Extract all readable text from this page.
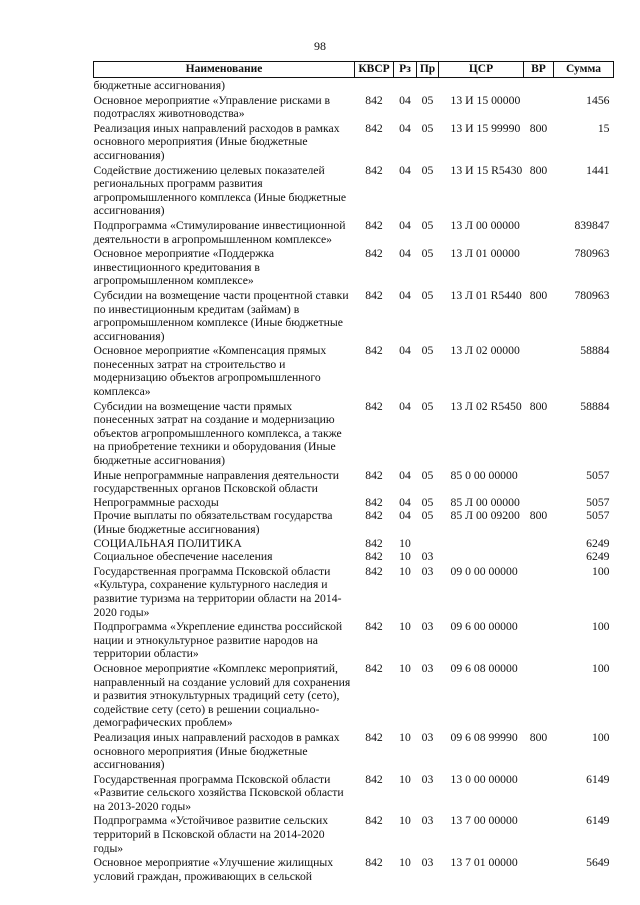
98
Наименование	КВСР	Рз	Пр	ЦСР	ВР	Сумма
бюджетные ассигнования)						
Основное мероприятие «Управление рисками в подотраслях животноводства»	842	04	05	13 И 15 00000		1456
Реализация иных направлений расходов в рамках основного мероприятия (Иные бюджетные ассигнования)	842	04	05	13 И 15 99990	800	15
Содействие достижению целевых показателей региональных программ развития агропромышленного комплекса (Иные бюджетные ассигнования)	842	04	05	13 И 15 R5430	800	1441
Подпрограмма «Стимулирование инвестиционной деятельности в агропромышленном комплексе»	842	04	05	13 Л 00 00000		839847
Основное мероприятие «Поддержка инвестиционного кредитования в агропромышленном комплексе»	842	04	05	13 Л 01 00000		780963
Субсидии на возмещение части процентной ставки по инвестиционным кредитам (займам) в агропромышленном комплексе (Иные бюджетные ассигнования)	842	04	05	13 Л 01 R5440	800	780963
Основное мероприятие «Компенсация прямых понесенных затрат на строительство и модернизацию объектов агропромышленного комплекса»	842	04	05	13 Л 02 00000		58884
Субсидии на возмещение части прямых понесенных затрат на создание и модернизацию объектов агропромышленного комплекса, а также на приобретение техники и оборудования (Иные бюджетные ассигнования)	842	04	05	13 Л 02 R5450	800	58884
Иные непрограммные направления деятельности государственных органов Псковской области	842	04	05	85 0 00 00000		5057
Непрограммные расходы	842	04	05	85 Л 00 00000		5057
Прочие выплаты по обязательствам государства (Иные бюджетные ассигнования)	842	04	05	85 Л 00 09200	800	5057
СОЦИАЛЬНАЯ ПОЛИТИКА	842	10				6249
Социальное обеспечение населения	842	10	03			6249
Государственная программа Псковской области «Культура, сохранение культурного наследия и развитие туризма на территории области на 2014-2020 годы»	842	10	03	09 0 00 00000		100
Подпрограмма «Укрепление единства российской нации и этнокультурное развитие народов на территории области»	842	10	03	09 6 00 00000		100
Основное мероприятие «Комплекс мероприятий, направленный на создание условий для сохранения и развития этнокультурных традиций сету (сето), содействие сету (сето) в решении социально-демографических проблем»	842	10	03	09 6 08 00000		100
Реализация иных направлений расходов в рамках основного мероприятия (Иные бюджетные ассигнования)	842	10	03	09 6 08 99990	800	100
Государственная программа Псковской области «Развитие сельского хозяйства Псковской области на 2013-2020 годы»	842	10	03	13 0 00 00000		6149
Подпрограмма «Устойчивое развитие сельских территорий в Псковской области на 2014-2020 годы»	842	10	03	13 7 00 00000		6149
Основное мероприятие «Улучшение жилищных условий граждан, проживающих в сельской	842	10	03	13 7 01 00000		5649
